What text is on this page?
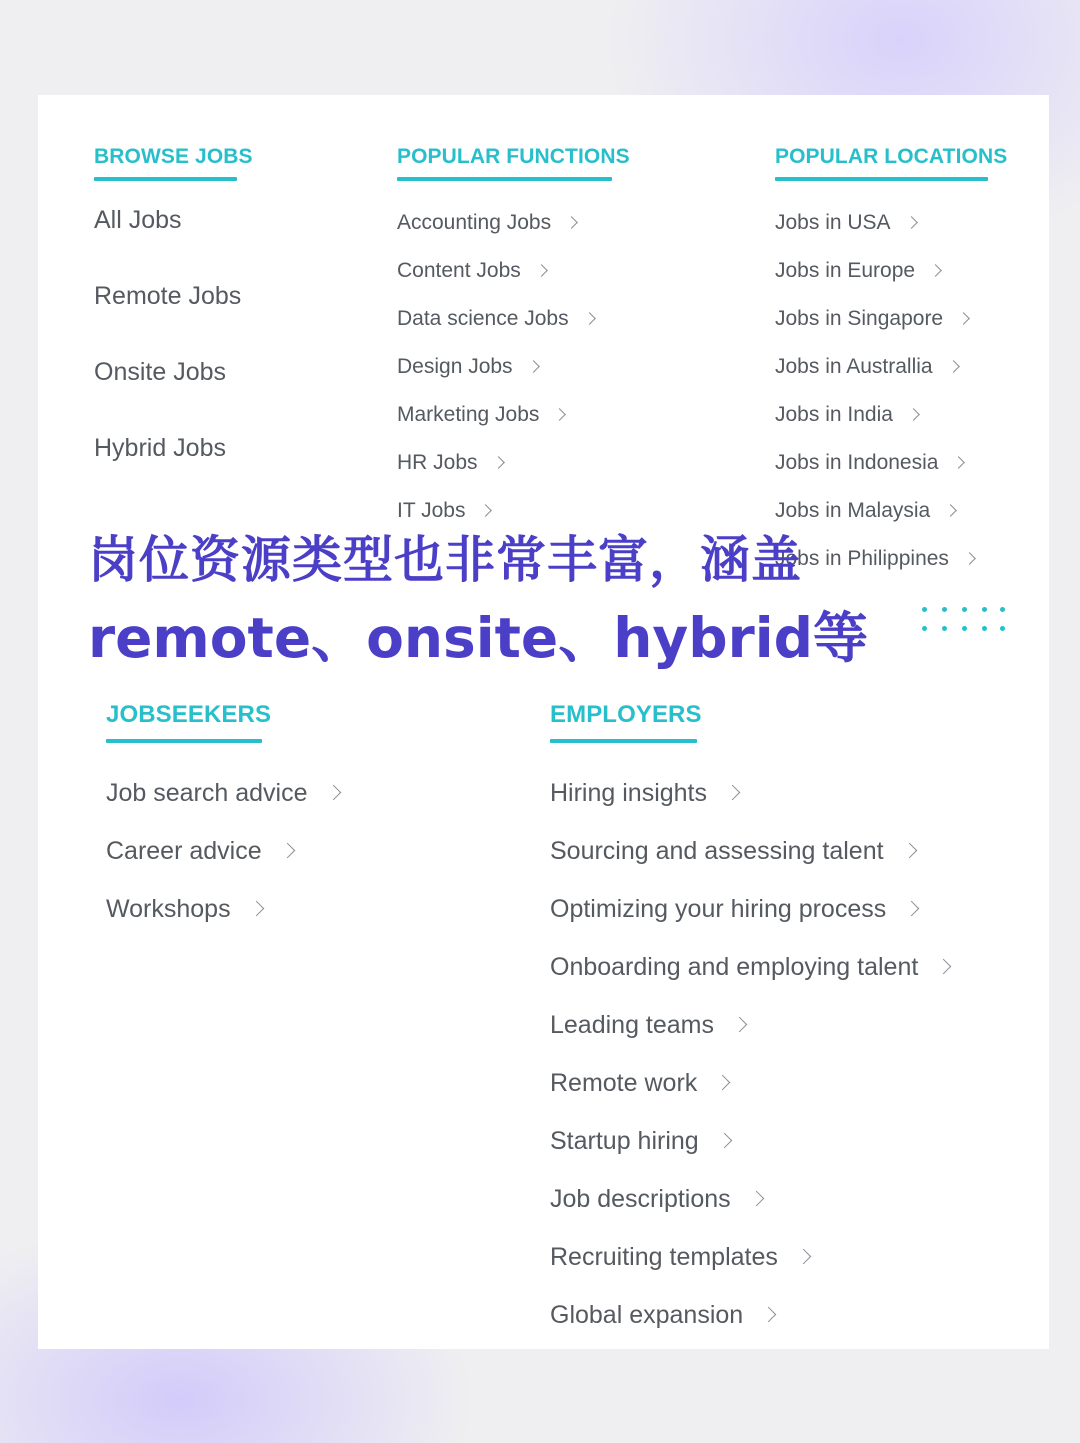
BROWSE JOBS
All Jobs
Remote Jobs
Onsite Jobs
Hybrid Jobs
POPULAR FUNCTIONS
Accounting Jobs
Content Jobs
Data science Jobs
Design Jobs
Marketing Jobs
HR Jobs
IT Jobs
POPULAR LOCATIONS
Jobs in USA
Jobs in Europe
Jobs in Singapore
Jobs in Australlia
Jobs in India
Jobs in Indonesia
Jobs in Malaysia
Jobs in Philippines
JOBSEEKERS
Job search advice
Career advice
Workshops
EMPLOYERS
Hiring insights
Sourcing and assessing talent
Optimizing your hiring process
Onboarding and employing talent
Leading teams
Remote work
Startup hiring
Job descriptions
Recruiting templates
Global expansion

岗位资源类型也非常丰富，涵盖

remote、onsite、hybrid等
